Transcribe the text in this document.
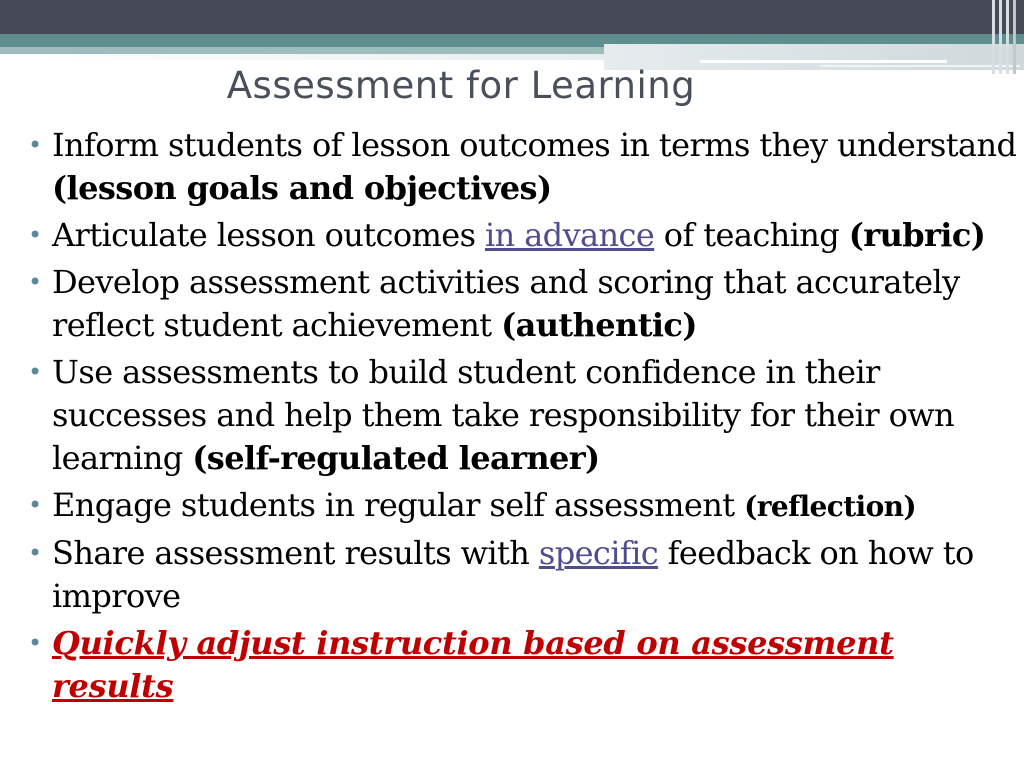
Assessment for Learning
• Inform students of lesson outcomes in terms they understand (lesson goals and objectives)
• Articulate lesson outcomes in advance of teaching (rubric)
• Develop assessment activities and scoring that accurately reflect student achievement (authentic)
• Use assessments to build student confidence in their successes and help them take responsibility for their own learning (self-regulated learner)
• Engage students in regular self assessment (reflection)
• Share assessment results with specific feedback on how to improve
• Quickly adjust instruction based on assessment results
